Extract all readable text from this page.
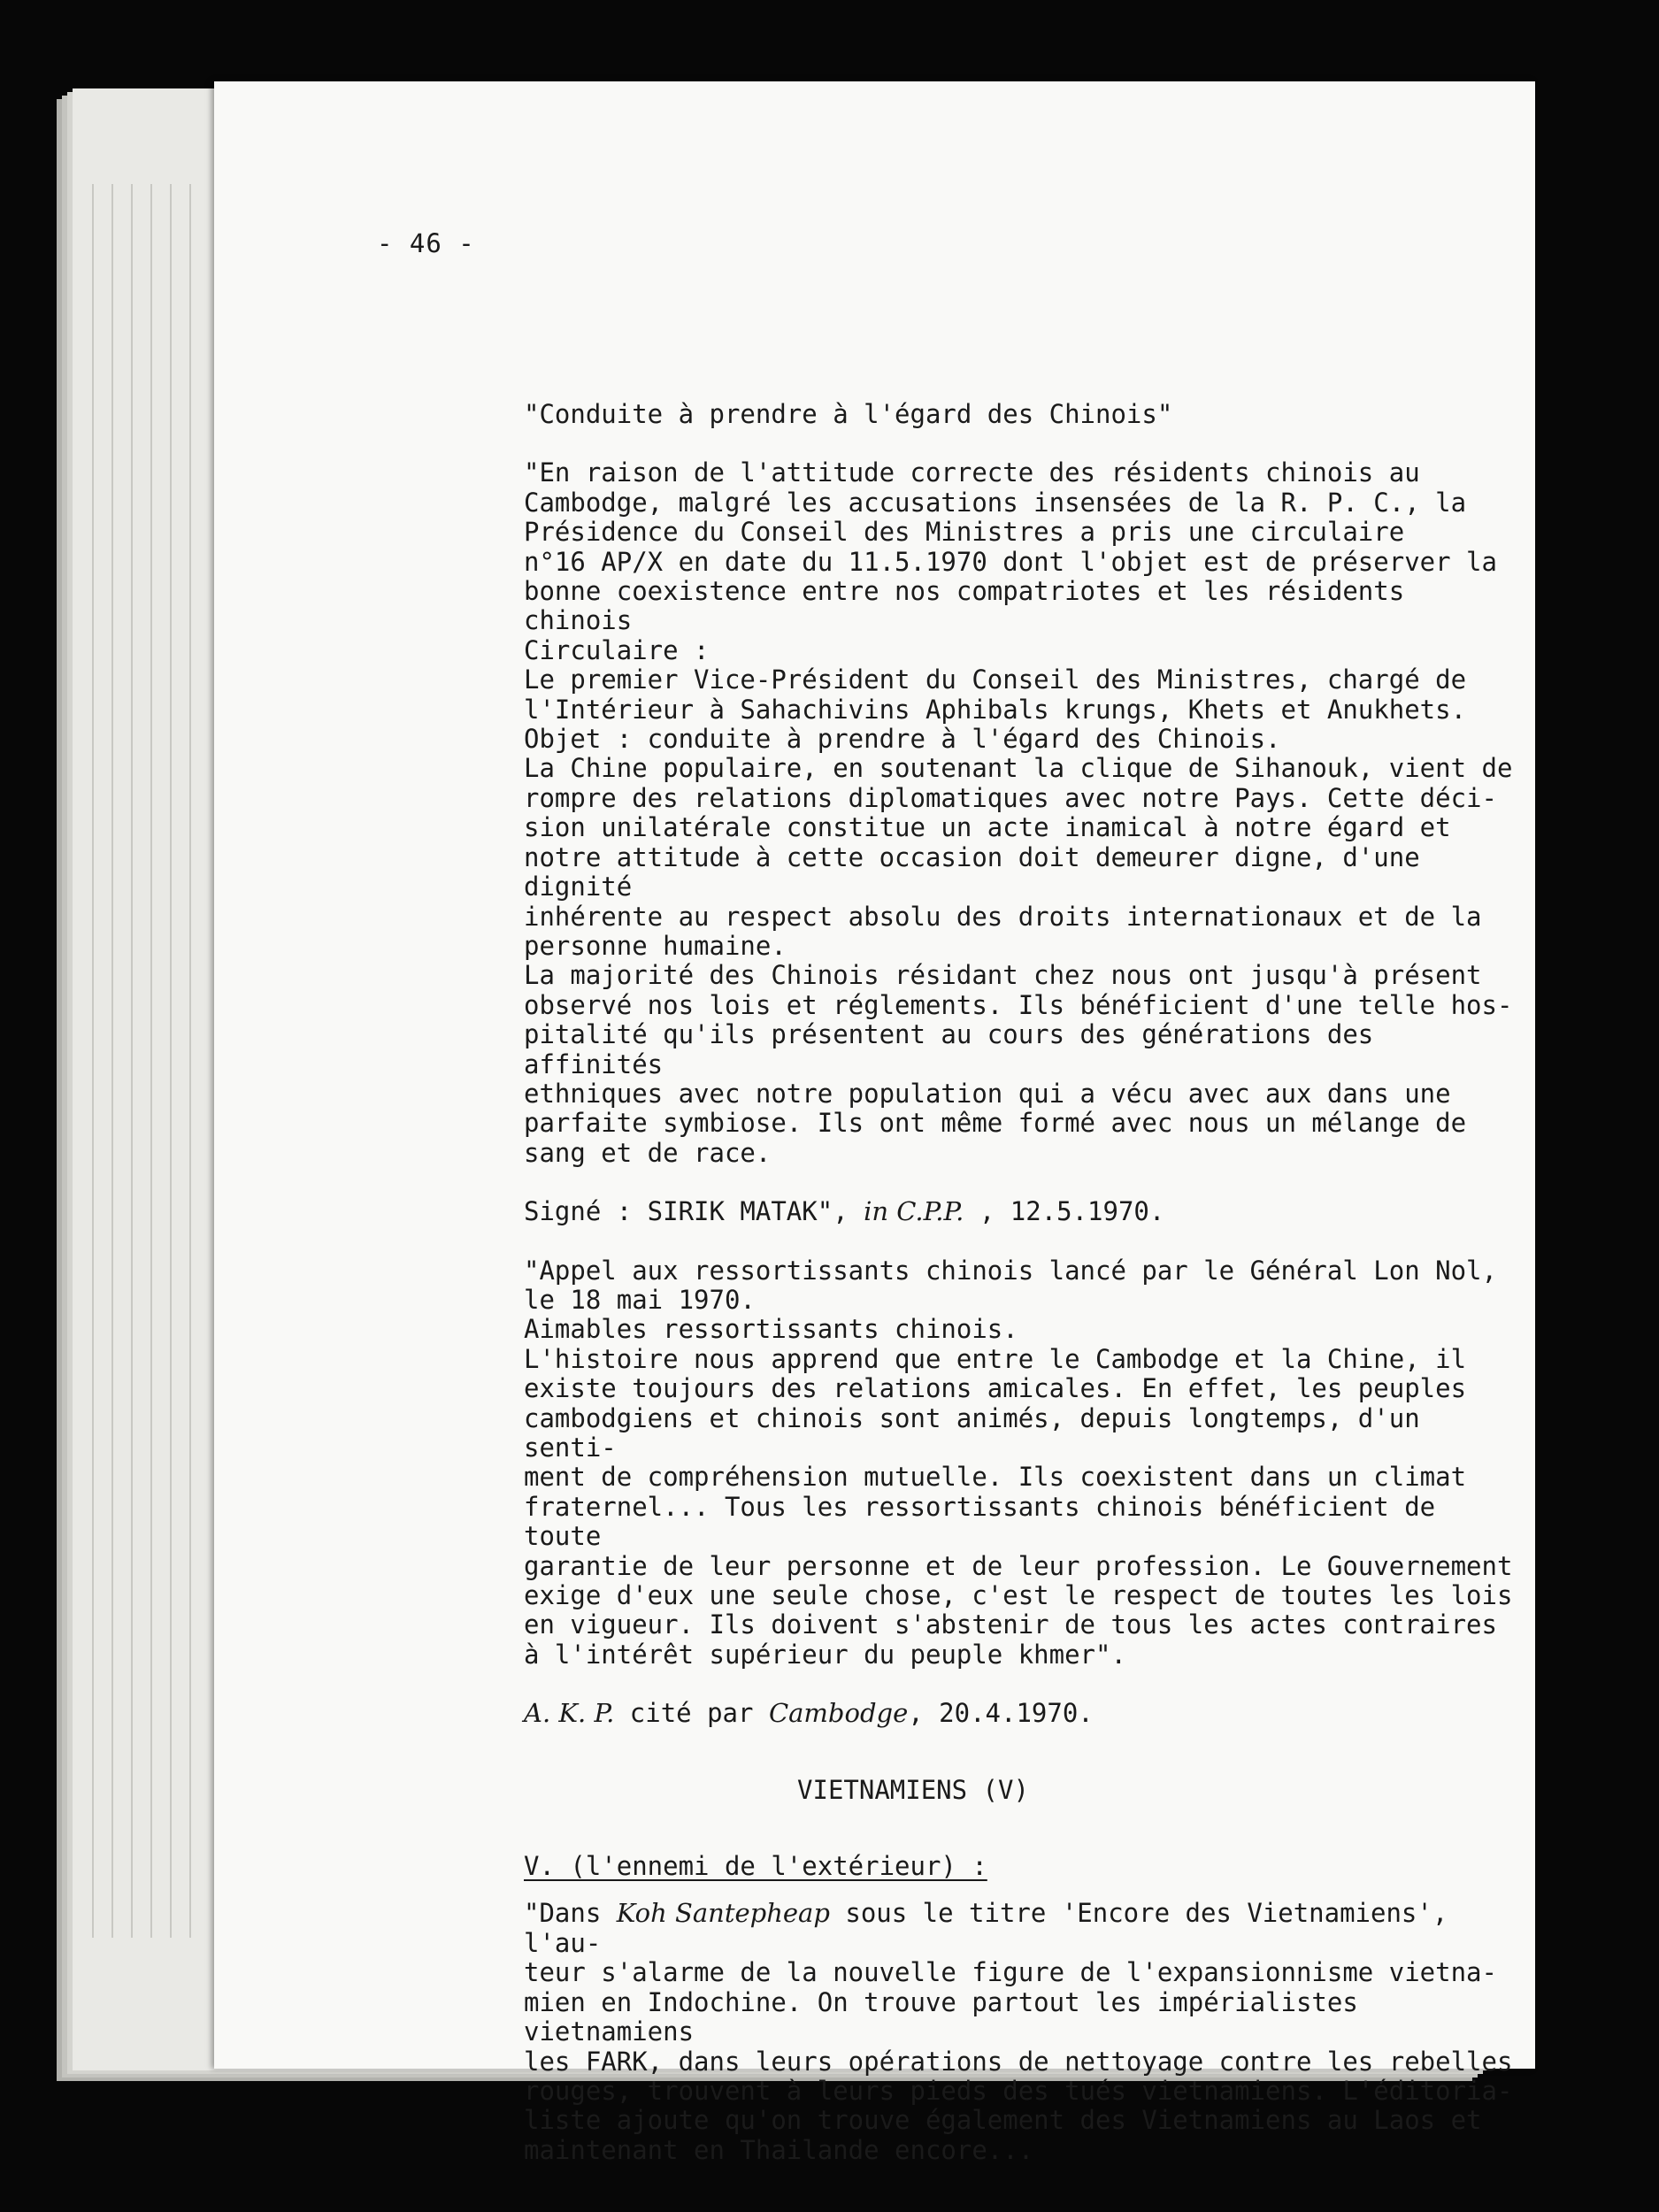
- 46 -

"Conduite à prendre à l'égard des Chinois"

"En raison de l'attitude correcte des résidents chinois au

Cambodge, malgré les accusations insensées de la R. P. C., la

Présidence du Conseil des Ministres a pris une circulaire

n°16 AP/X en date du 11.5.1970 dont l'objet est de préserver la

bonne coexistence entre nos compatriotes et les résidents chinois

Circulaire :

Le premier Vice-Président du Conseil des Ministres, chargé de

l'Intérieur à Sahachivins Aphibals krungs, Khets et Anukhets.

Objet : conduite à prendre à l'égard des Chinois.

La Chine populaire, en soutenant la clique de Sihanouk, vient de

rompre des relations diplomatiques avec notre Pays. Cette déci-

sion unilatérale constitue un acte inamical à notre égard et

notre attitude à cette occasion doit demeurer digne, d'une dignité

inhérente au respect absolu des droits internationaux et de la

personne humaine.

La majorité des Chinois résidant chez nous ont jusqu'à présent

observé nos lois et réglements. Ils bénéficient d'une telle hos-

pitalité qu'ils présentent au cours des générations des affinités

ethniques avec notre population qui a vécu avec aux dans une

parfaite symbiose. Ils ont même formé avec nous un mélange de

sang et de race.

Signé : SIRIK MATAK", in C.P.P. , 12.5.1970.

"Appel aux ressortissants chinois lancé par le Général Lon Nol,

le 18 mai 1970.

Aimables ressortissants chinois.

L'histoire nous apprend que entre le Cambodge et la Chine, il

existe toujours des relations amicales. En effet, les peuples

cambodgiens et chinois sont animés, depuis longtemps, d'un senti-

ment de compréhension mutuelle. Ils coexistent dans un climat

fraternel... Tous les ressortissants chinois bénéficient de toute

garantie de leur personne et de leur profession. Le Gouvernement

exige d'eux une seule chose, c'est le respect de toutes les lois

en vigueur. Ils doivent s'abstenir de tous les actes contraires

à l'intérêt supérieur du peuple khmer".

A. K. P. cité par Cambodge, 20.4.1970.

VIETNAMIENS (V)

V. (l'ennemi de l'extérieur) :

"Dans Koh Santepheap sous le titre 'Encore des Vietnamiens', l'au-

teur s'alarme de la nouvelle figure de l'expansionnisme vietna-

mien en Indochine. On trouve partout les impérialistes vietnamiens

les FARK, dans leurs opérations de nettoyage contre les rebelles

rouges, trouvent à leurs pieds des tués vietnamiens. L'éditoria-

liste ajoute qu'on trouve également des Vietnamiens au Laos et

maintenant en Thailande encore...
